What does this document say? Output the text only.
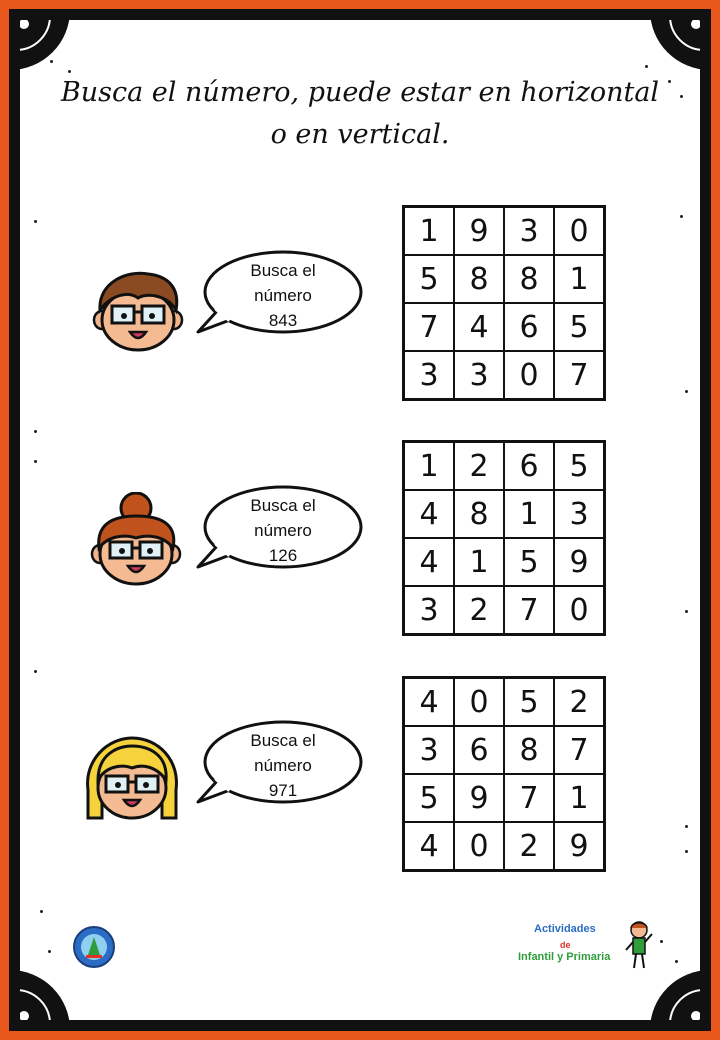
Busca el número, puede estar en horizontal
o en vertical.
Busca el
número
843
1	9	3	0
5	8	8	1
7	4	6	5
3	3	0	7
Busca el
número
126
1	2	6	5
4	8	1	3
4	1	5	9
3	2	7	0
Busca el
número
971
4	0	5	2
3	6	8	7
5	9	7	1
4	0	2	9
Actividades
de
Infantil y Primaria
